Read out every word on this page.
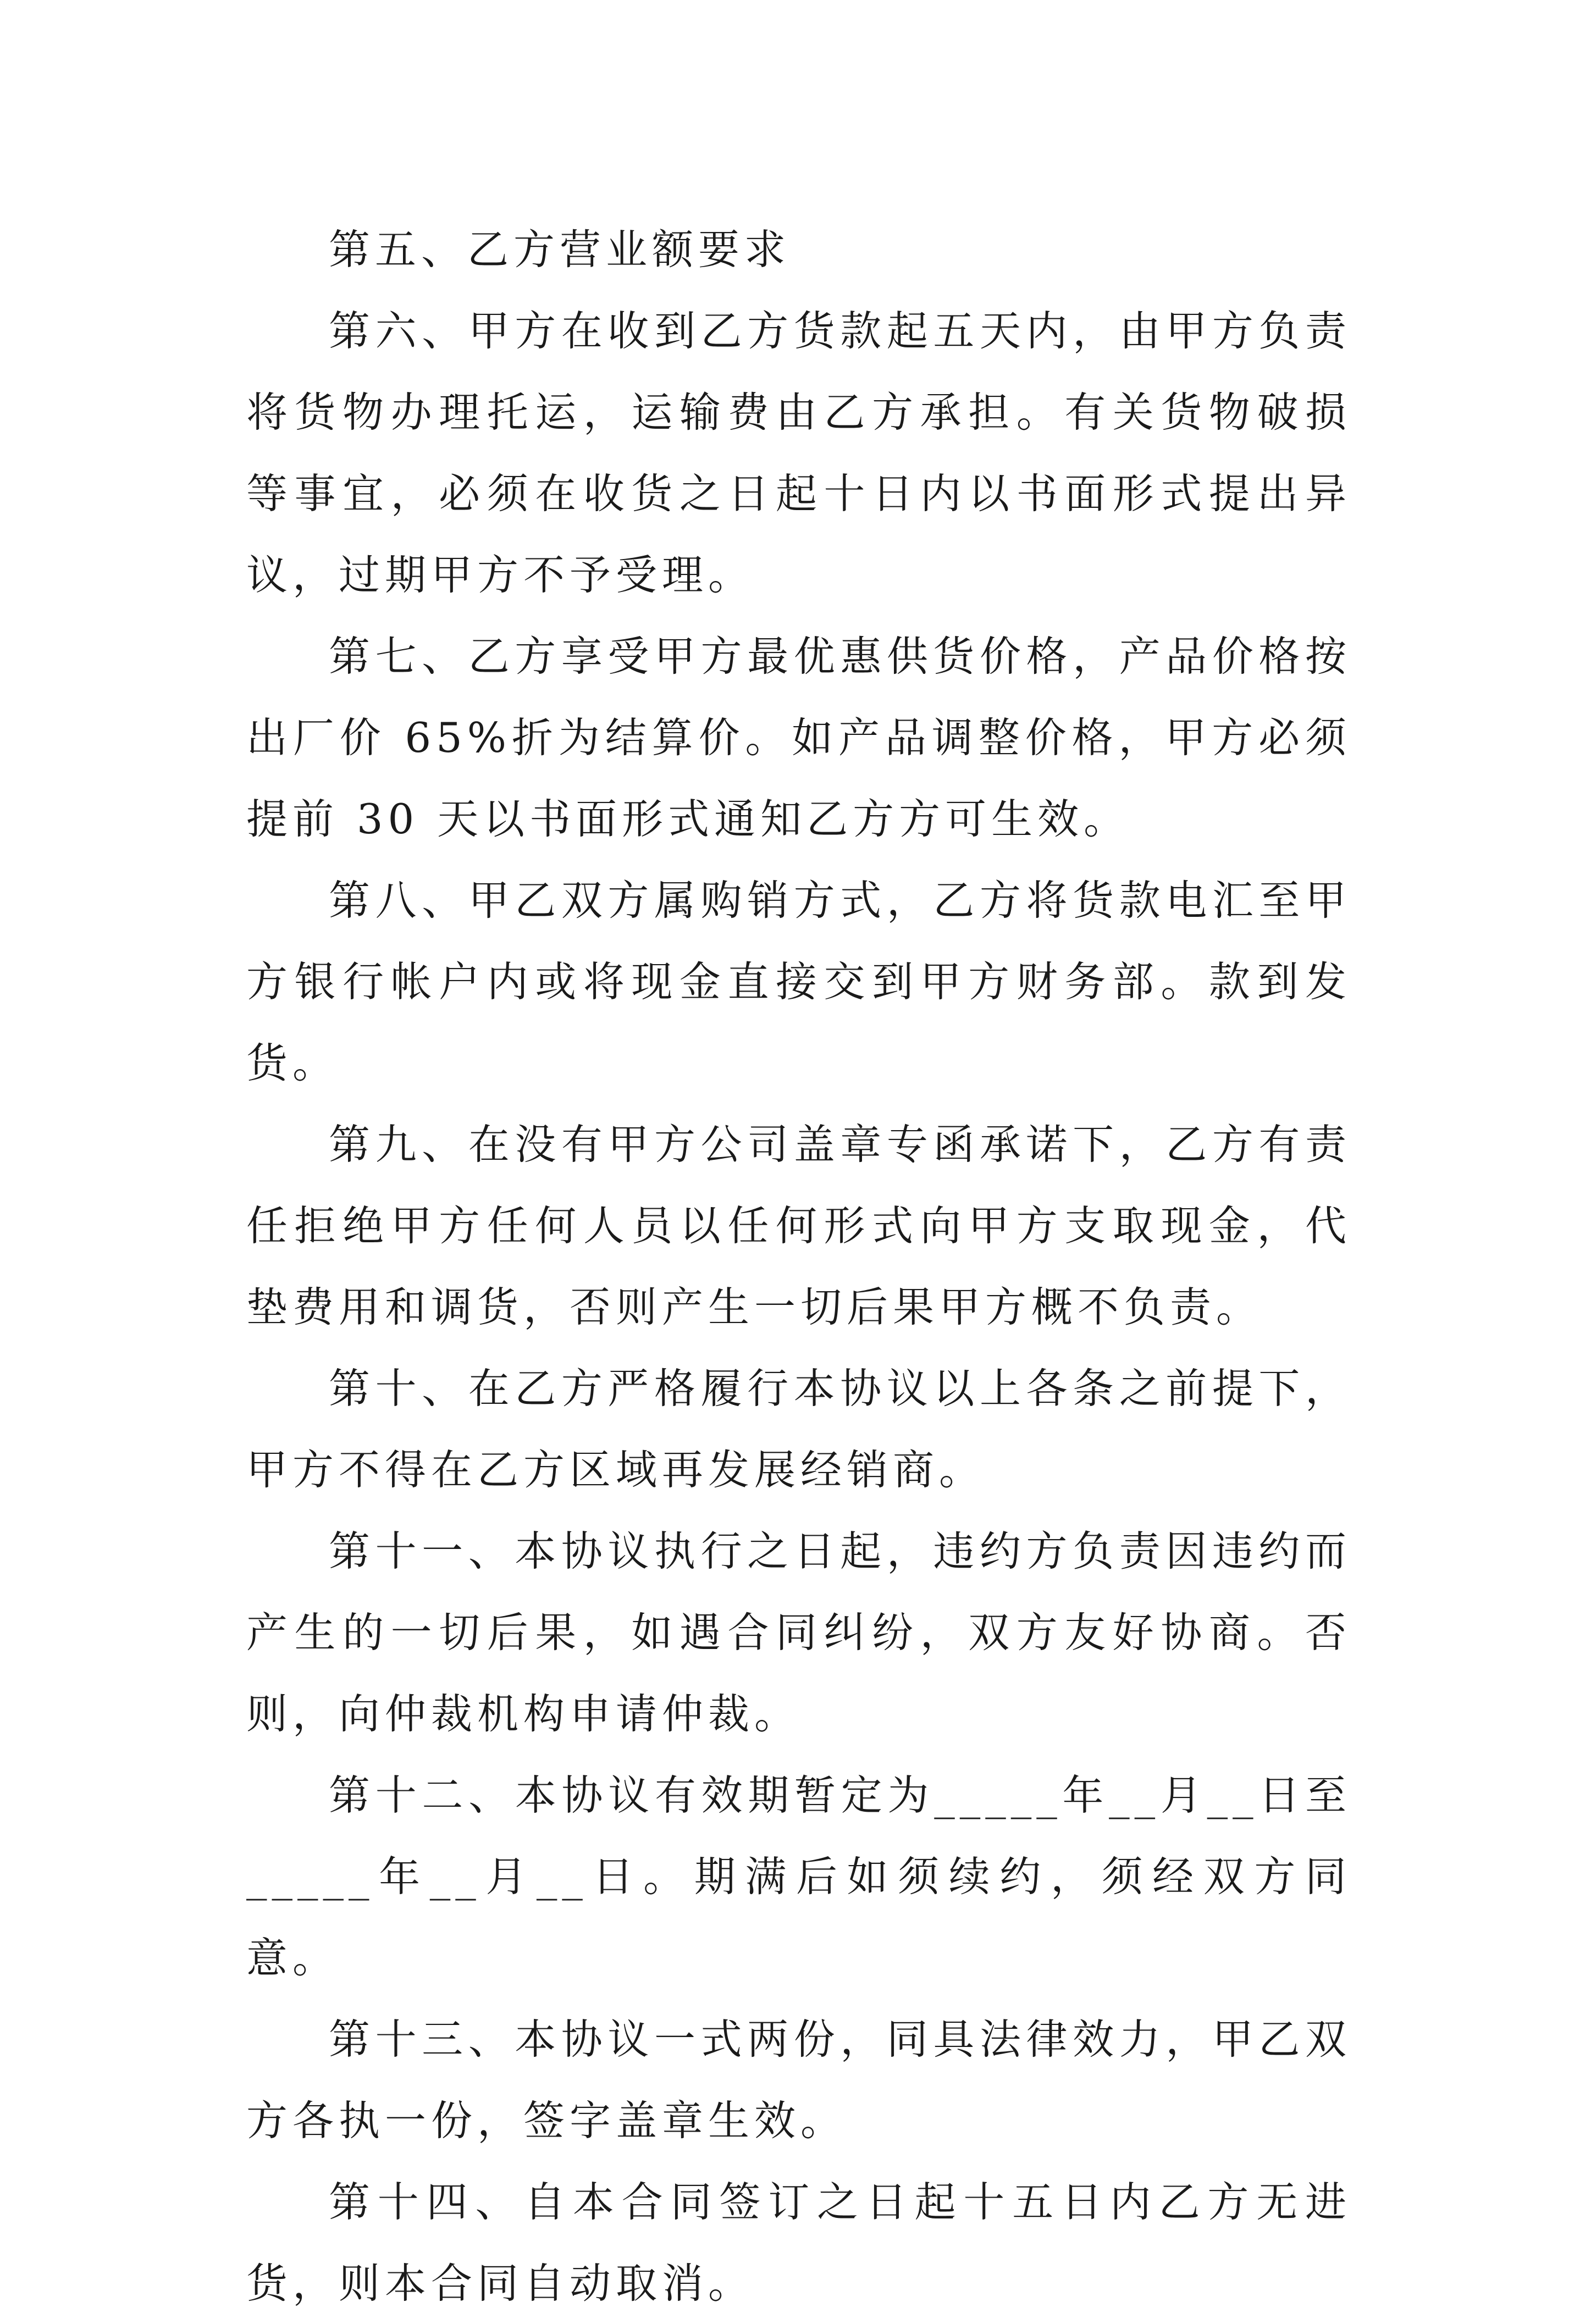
第五、乙方营业额要求

第六、甲方在收到乙方货款起五天内，由甲方负责将货物办理托运，运输费由乙方承担。有关货物破损等事宜，必须在收货之日起十日内以书面形式提出异议，过期甲方不予受理。

第七、乙方享受甲方最优惠供货价格，产品价格按出厂价 65%折为结算价。如产品调整价格，甲方必须提前 30 天以书面形式通知乙方方可生效。

第八、甲乙双方属购销方式，乙方将货款电汇至甲方银行帐户内或将现金直接交到甲方财务部。款到发货。

第九、在没有甲方公司盖章专函承诺下，乙方有责任拒绝甲方任何人员以任何形式向甲方支取现金，代垫费用和调货，否则产生一切后果甲方概不负责。

第十、在乙方严格履行本协议以上各条之前提下，甲方不得在乙方区域再发展经销商。

第十一、本协议执行之日起，违约方负责因违约而产生的一切后果，如遇合同纠纷，双方友好协商。否则，向仲裁机构申请仲裁。

第十二、本协议有效期暂定为_____年__月__日至_____年__月__日。期满后如须续约，须经双方同意。

第十三、本协议一式两份，同具法律效力，甲乙双方各执一份，签字盖章生效。

第十四、自本合同签订之日起十五日内乙方无进货，则本合同自动取消。
